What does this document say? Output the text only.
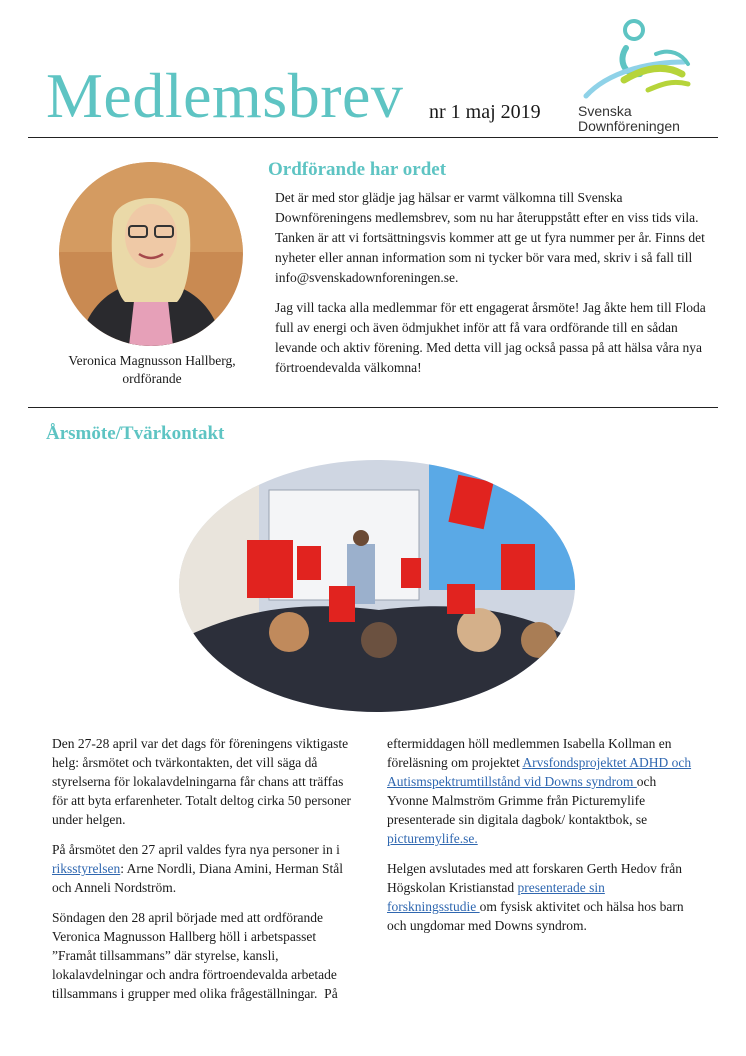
Medlemsbrev nr 1 maj 2019	Svenska
Downföreningen
Veronica Magnusson Hallberg,
ordförande
Ordförande har ordet

Det är med stor glädje jag hälsar er varmt välkomna till Svenska Downföreningens medlemsbrev, som nu har återuppstått efter en viss tids vila. Tanken är att vi fortsättningsvis kommer att ge ut fyra nummer per år. Finns det nyheter eller annan information som ni tycker bör vara med, skriv i så fall till info@svenskadownforeningen.se.

Jag vill tacka alla medlemmar för ett engagerat årsmöte! Jag åkte hem till Floda full av energi och även ödmjukhet inför att få vara ordförande till en sådan levande och aktiv förening. Med detta vill jag också passa på att hälsa våra nya förtroendevalda välkomna!

Årsmöte/Tvärkontakt

Den 27-28 april var det dags för föreningens viktigaste helg: årsmötet och tvärkontakten, det vill säga då styrelserna för lokalavdelningarna får chans att träffas för att byta erfarenheter. Totalt deltog cirka 50 personer under helgen.

På årsmötet den 27 april valdes fyra nya personer in i riksstyrelsen: Arne Nordli, Diana Amini, Herman Stål och Anneli Nordström.

Söndagen den 28 april började med att ordförande Veronica Magnusson Hallberg höll i arbetspasset ”Framåt tillsammans” där styrelse, kansli, lokalavdelningar och andra förtroendevalda arbetade tillsammans i grupper med olika frågeställningar.  På

eftermiddagen höll medlemmen Isabella Kollman en föreläsning om projektet Arvsfondsprojektet ADHD och Autismspektrumtillstånd vid Downs syndrom och Yvonne Malmström Grimme från Picturemylife presenterade sin digitala dagbok/ kontaktbok, se picturemylife.se.

Helgen avslutades med att forskaren Gerth Hedov från Högskolan Kristianstad presenterade sin forskningsstudie om fysisk aktivitet och hälsa hos barn och ungdomar med Downs syndrom.
